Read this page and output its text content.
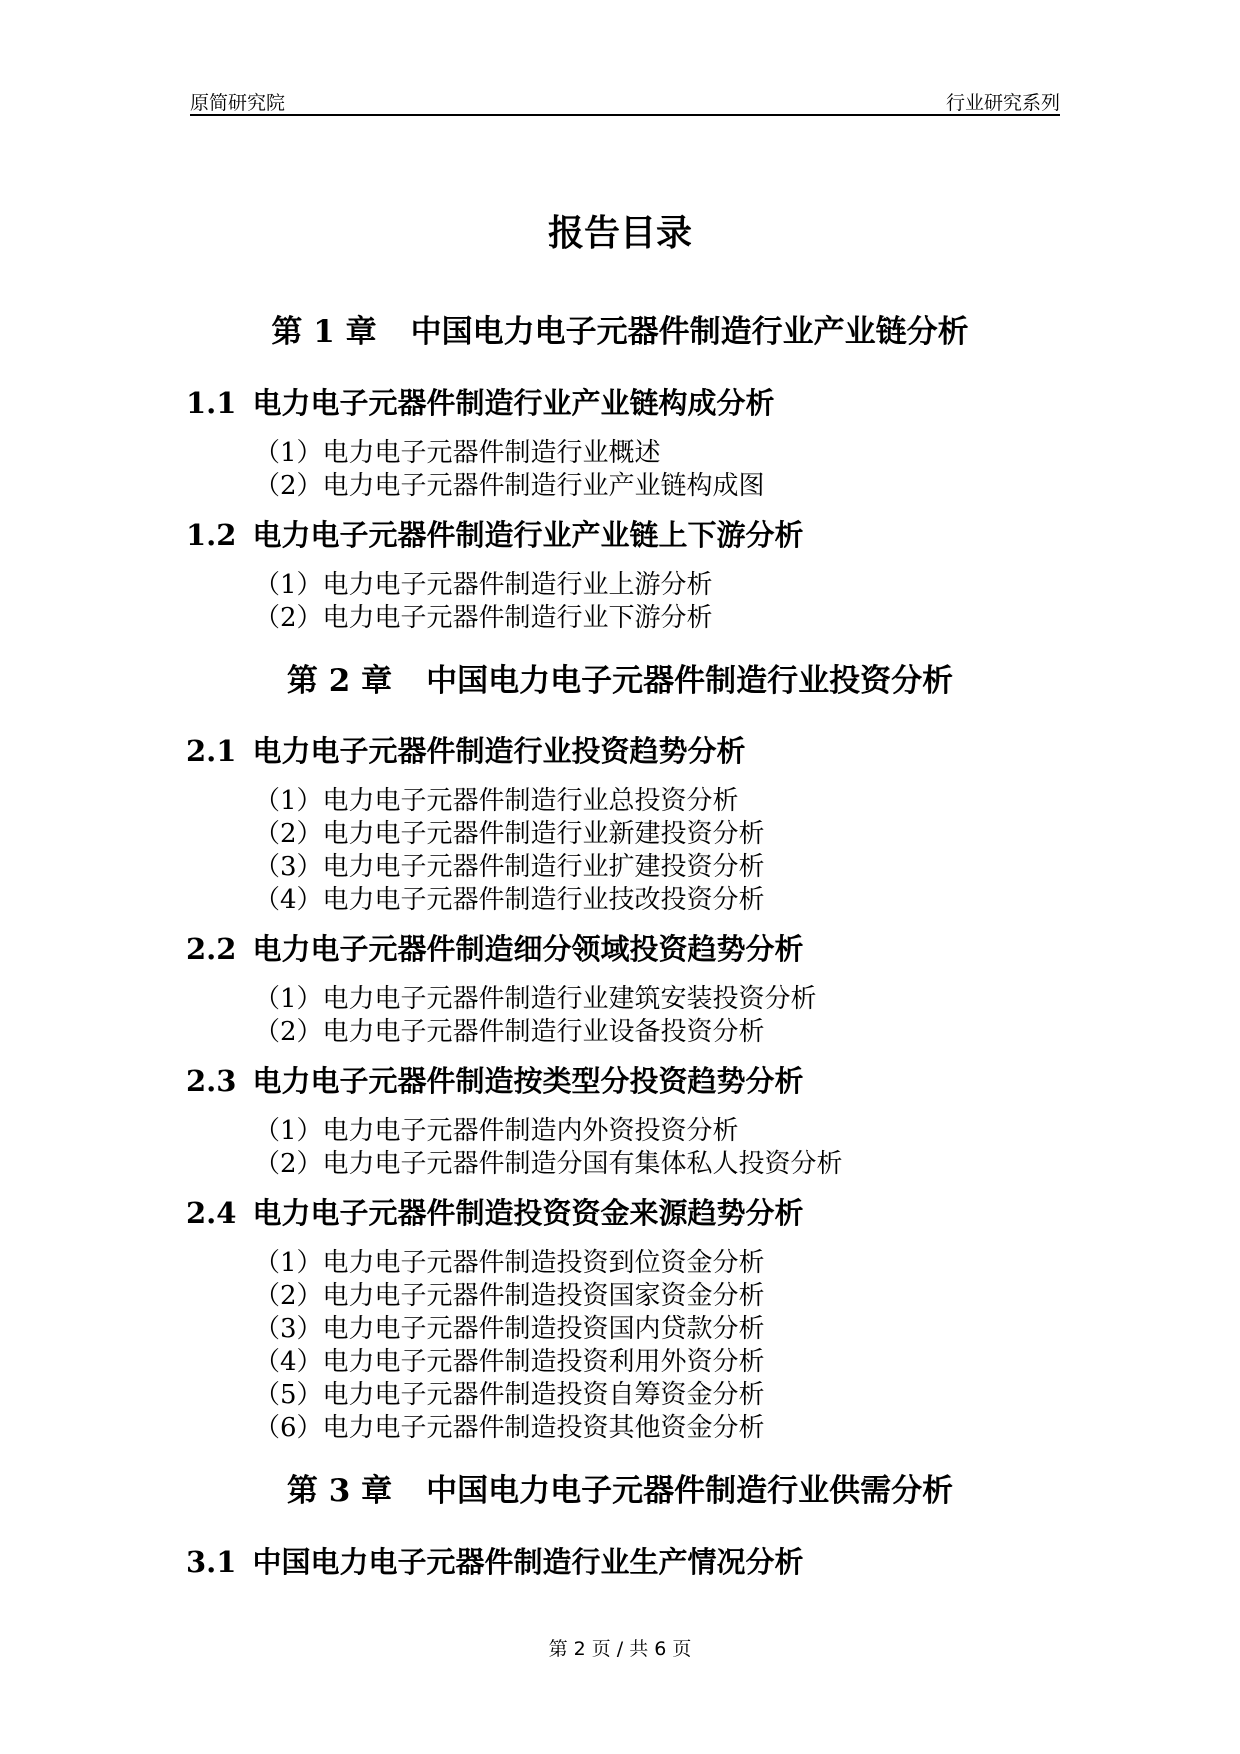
原简研究院	行业研究系列
报告目录
第 1 章 中国电力电子元器件制造行业产业链分析
1.1 电力电子元器件制造行业产业链构成分析
（1）电力电子元器件制造行业概述
（2）电力电子元器件制造行业产业链构成图
1.2 电力电子元器件制造行业产业链上下游分析
（1）电力电子元器件制造行业上游分析
（2）电力电子元器件制造行业下游分析
第 2 章 中国电力电子元器件制造行业投资分析
2.1 电力电子元器件制造行业投资趋势分析
（1）电力电子元器件制造行业总投资分析
（2）电力电子元器件制造行业新建投资分析
（3）电力电子元器件制造行业扩建投资分析
（4）电力电子元器件制造行业技改投资分析
2.2 电力电子元器件制造细分领域投资趋势分析
（1）电力电子元器件制造行业建筑安装投资分析
（2）电力电子元器件制造行业设备投资分析
2.3 电力电子元器件制造按类型分投资趋势分析
（1）电力电子元器件制造内外资投资分析
（2）电力电子元器件制造分国有集体私人投资分析
2.4 电力电子元器件制造投资资金来源趋势分析
（1）电力电子元器件制造投资到位资金分析
（2）电力电子元器件制造投资国家资金分析
（3）电力电子元器件制造投资国内贷款分析
（4）电力电子元器件制造投资利用外资分析
（5）电力电子元器件制造投资自筹资金分析
（6）电力电子元器件制造投资其他资金分析
第 3 章 中国电力电子元器件制造行业供需分析
3.1 中国电力电子元器件制造行业生产情况分析
第 2 页 / 共 6 页
